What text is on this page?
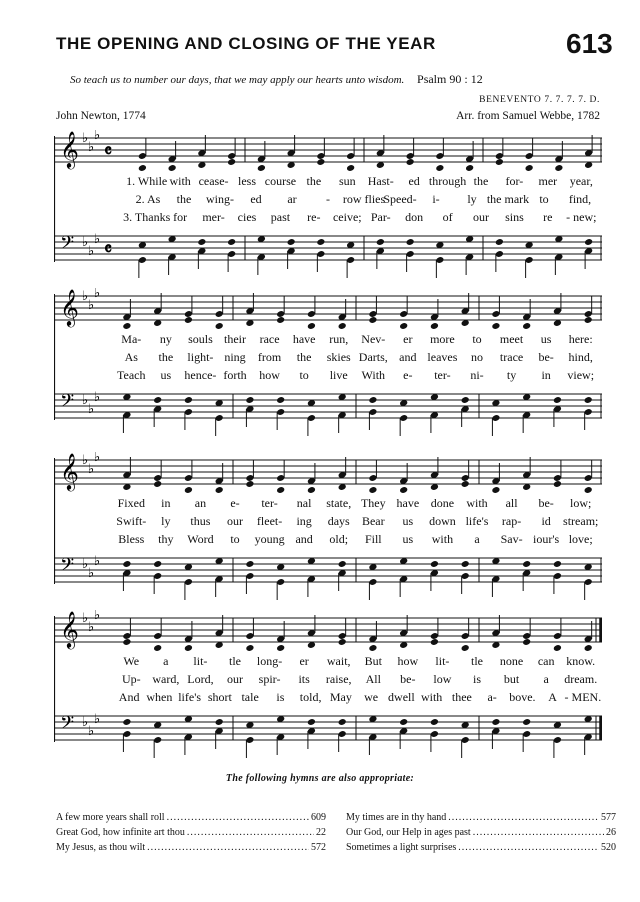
THE OPENING AND CLOSING OF THE YEAR	613
So teach us to number our days, that we may apply our hearts unto wisdom. Psalm 90 : 12
BENEVENTO 7. 7. 7. 7. D.
John Newton, 1774	Arr. from Samuel Webbe, 1782
𝄞
𝄢
♭
♭
♭
♭
♭
♭
𝄴
𝄴
1. While with cease- less course the sun Hast- ed through the for- mer year,
2. As the wing- ed ar - row flies
Speed- i- ly the mark to find,
3. Thanks for mer- cies past re- ceive; Par- don of our sins re - new;
𝄞
𝄢
♭
♭
♭
♭
♭
♭
Ma- ny souls their race have run, Nev- er more to meet us here:
As the light- ning from the skies Darts, and leaves no trace be- hind,
Teach us hence- forth how to live With e- ter- ni- ty in view;
𝄞
𝄢
♭
♭
♭
♭
♭
♭
Fixed in an e- ter- nal state, They have done with all be- low;
Swift- ly thus our fleet- ing days Bear us down life's rap- id stream;
Bless thy Word to young and old; Fill us with a Sav- iour's love;
𝄞
𝄢
♭
♭
♭
♭
♭
♭
We a lit- tle long- er wait, But how lit- tle none can know.
Up- ward, Lord, our spir- its raise, All be- low is but a dream.
And when life's short tale is told, May we dwell with thee a- bove. A - MEN.
The following hymns are also appropriate:
A few more years shall roll .....	609
Great God, how infinite art thou .....	22
My Jesus, as thou wilt .....	572
My times are in thy hand .....	577
Our God, our Help in ages past .....	26
Sometimes a light surprises .....	520
